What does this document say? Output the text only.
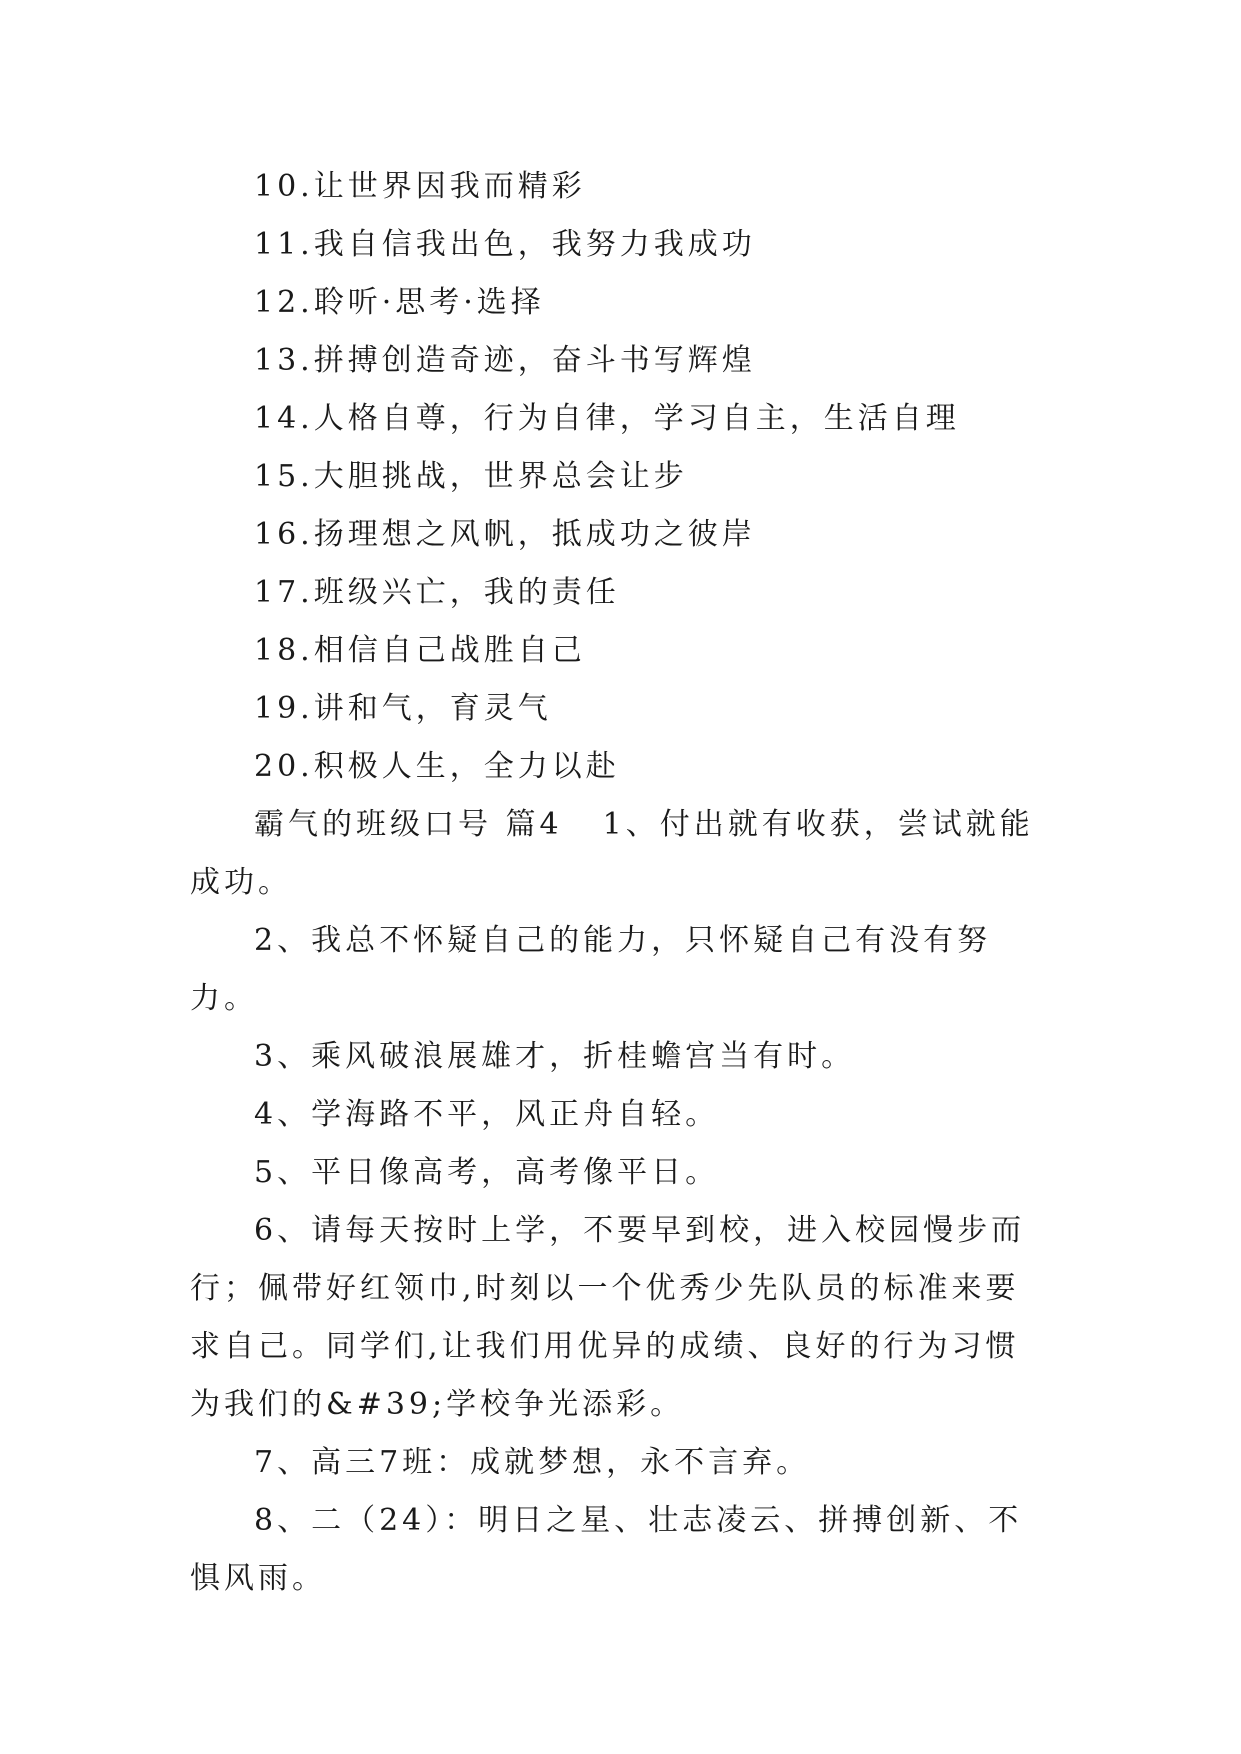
10.让世界因我而精彩
11.我自信我出色，我努力我成功
12.聆听·思考·选择
13.拼搏创造奇迹，奋斗书写辉煌
14.人格自尊，行为自律，学习自主，生活自理
15.大胆挑战，世界总会让步
16.扬理想之风帆，抵成功之彼岸
17.班级兴亡，我的责任
18.相信自己战胜自己
19.讲和气，育灵气
20.积极人生，全力以赴
霸气的班级口号 篇4 1、付出就有收获，尝试就能成功。
2、我总不怀疑自己的能力，只怀疑自己有没有努力。
3、乘风破浪展雄才，折桂蟾宫当有时。
4、学海路不平，风正舟自轻。
5、平日像高考，高考像平日。
6、请每天按时上学，不要早到校，进入校园慢步而行；佩带好红领巾,时刻以一个优秀少先队员的标准来要求自己。同学们,让我们用优异的成绩、良好的行为习惯为我们的&#39;学校争光添彩。
7、高三7班：成就梦想，永不言弃。
8、二（24）：明日之星、壮志凌云、拼搏创新、不惧风雨。
